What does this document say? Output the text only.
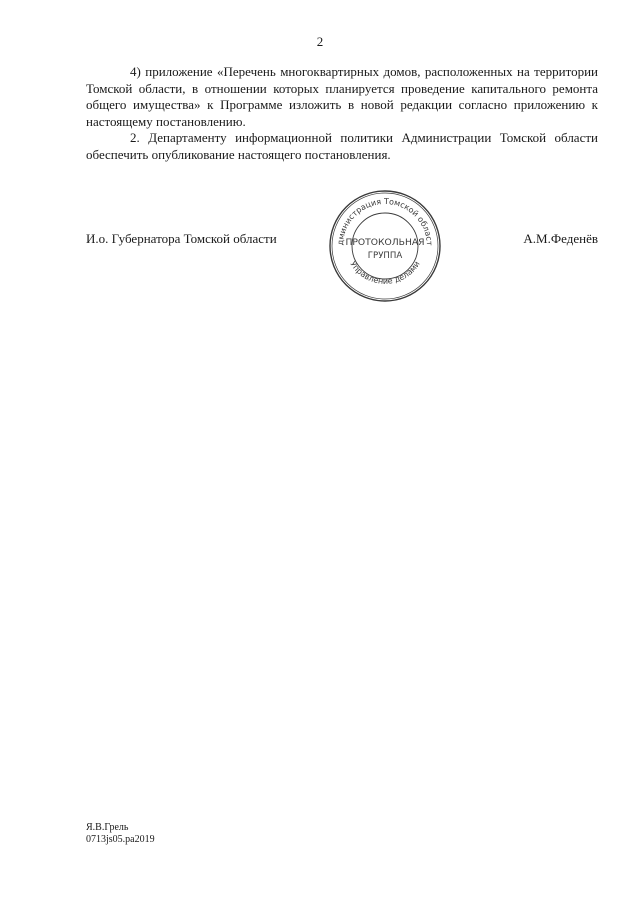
2

4) приложение «Перечень многоквартирных домов, расположенных на территории Томской области, в отношении которых планируется проведение капитального ремонта общего имущества» к Программе изложить в новой редакции согласно приложению к настоящему постановлению.

2. Департаменту информационной политики Администрации Томской области обеспечить опубликование настоящего постановления.

И.о. Губернатора Томской области	А.М.Феденёв
дминистрация Томской област
Управление делами
ПРОТОКОЛЬНАЯ
ГРУППА
Я.В.Грель
0713js05.pa2019
